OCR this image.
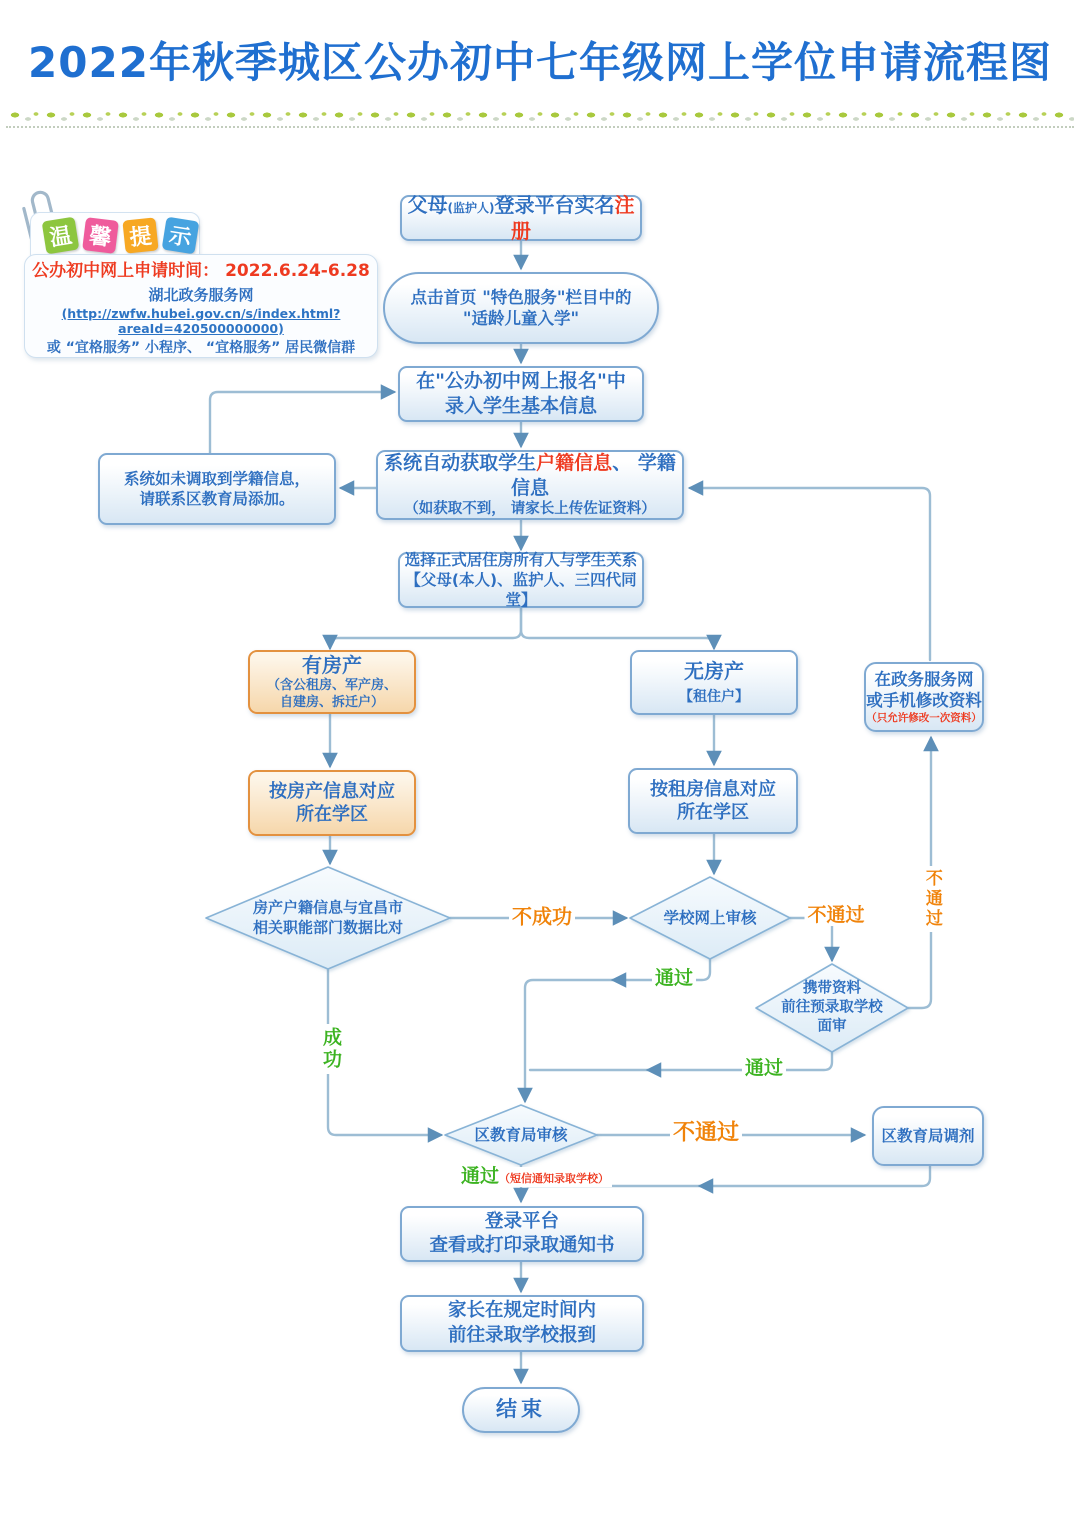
2022年秋季城区公办初中七年级网上学位申请流程图
温 馨 提 示
公办初中网上申请时间： 2022.6.24-6.28
湖北政务服务网
(http://zwfw.hubei.gov.cn/s/index.html?areaId=420500000000)
或 “宜格服务” 小程序、 “宜格服务” 居民微信群
父母(监护人)登录平台实名注册
点击首页 "特色服务"栏目中的
"适龄儿童入学"
在"公办初中网上报名"中
录入学生基本信息
系统自动获取学生户籍信息、 学籍信息
（如获取不到， 请家长上传佐证资料）
系统如未调取到学籍信息，
请联系区教育局添加。
选择正式居住房所有人与学生关系
【父母(本人)、监护人、三四代同堂】
有房产
（含公租房、军产房、
自建房、拆迁户）
无房产
【租住户】
在政务服务网
或手机修改资料
（只允许修改一次资料）
按房产信息对应
所在学区
按租房信息对应
所在学区
房产户籍信息与宜昌市
相关职能部门数据比对
学校网上审核
携带资料
前往预录取学校
面审
区教育局审核	区教育局调剂
登录平台
查看或打印录取通知书
家长在规定时间内
前往录取学校报到
结束
不成功	不通过
通过
不通过
通过
成功
不通过
通过（短信通知录取学校）
